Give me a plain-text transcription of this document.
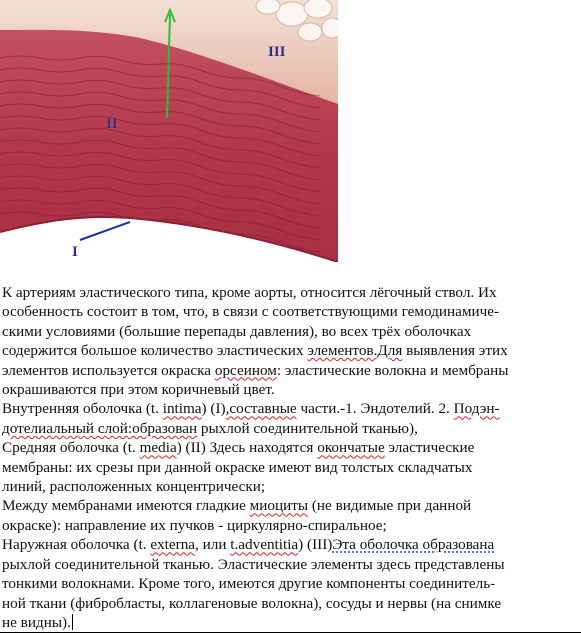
III
II
I
К артериям эластического типа, кроме аорты, относится лёгочный ствол. Их
особенность состоит в том, что, в связи с соответствующими гемодинамиче-
скими условиями (большие перепады давления), во всех трёх оболочках
содержится большое количество эластических элементов.Для выявления этих
элементов используется окраска орсеином: эластические волокна и мембраны
окрашиваются при этом коричневый цвет.
Внутренняя оболочка (t. intima) (I),составные части.-1. Эндотелий. 2. Подэн-
дотелиальный слой:образован рыхлой соединительной тканью),
Средняя оболочка (t. media) (II) Здесь находятся окончатые эластические
мембраны: их срезы при данной окраске имеют вид толстых складчатых
линий, расположенных концентрически;
Между мембранами имеются гладкие миоциты (не видимые при данной
окраске): направление их пучков - циркулярно-спиральное;
Наружная оболочка (t. externa, или t.adventitia) (III)Эта оболочка образована
рыхлой соединительной тканью. Эластические элементы здесь представлены
тонкими волокнами. Кроме того, имеются другие компоненты соединитель-
ной ткани (фибробласты, коллагеновые волокна), сосуды и нервы (на снимке
не видны).
